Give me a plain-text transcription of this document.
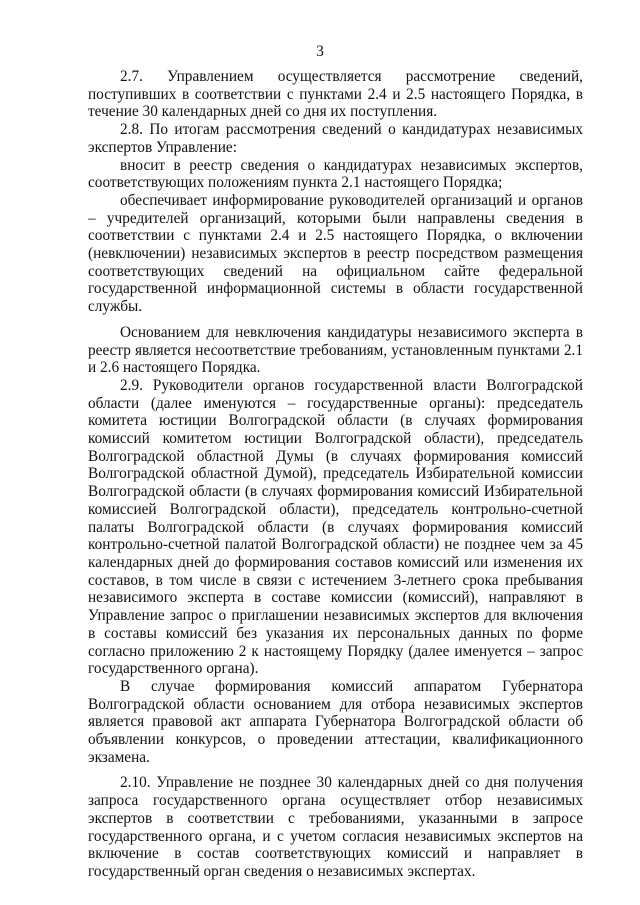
3

2.7. Управлением осуществляется рассмотрение сведений, поступивших в соответствии с пунктами 2.4 и 2.5 настоящего Порядка, в течение 30 календарных дней со дня их поступления.

2.8. По итогам рассмотрения сведений о кандидатурах независимых экспертов Управление:

вносит в реестр сведения о кандидатурах независимых экспертов, соответствующих положениям пункта 2.1 настоящего Порядка;

обеспечивает информирование руководителей организаций и органов – учредителей организаций, которыми были направлены сведения в соответствии с пунктами 2.4 и 2.5 настоящего Порядка, о включении (невключении) независимых экспертов в реестр посредством размещения соответствующих сведений на официальном сайте федеральной государственной информационной системы в области государственной службы.

Основанием для невключения кандидатуры независимого эксперта в реестр является несоответствие требованиям, установленным пунктами 2.1 и 2.6 настоящего Порядка.

2.9. Руководители органов государственной власти Волгоградской области (далее именуются – государственные органы): председатель комитета юстиции Волгоградской области (в случаях формирования комиссий комитетом юстиции Волгоградской области), председатель Волгоградской областной Думы (в случаях формирования комиссий Волгоградской областной Думой), председатель Избирательной комиссии Волгоградской области (в случаях формирования комиссий Избирательной комиссией Волгоградской области), председатель контрольно-счетной палаты Волгоградской области (в случаях формирования комиссий контрольно-счетной палатой Волгоградской области) не позднее чем за 45 календарных дней до формирования составов комиссий или изменения их составов, в том числе в связи с истечением 3-летнего срока пребывания независимого эксперта в составе комиссии (комиссий), направляют в Управление запрос о приглашении независимых экспертов для включения в составы комиссий без указания их персональных данных по форме согласно приложению 2 к настоящему Порядку (далее именуется – запрос государственного органа).

В случае формирования комиссий аппаратом Губернатора Волгоградской области основанием для отбора независимых экспертов является правовой акт аппарата Губернатора Волгоградской области об объявлении конкурсов, о проведении аттестации, квалификационного экзамена.

2.10. Управление не позднее 30 календарных дней со дня получения запроса государственного органа осуществляет отбор независимых экспертов в соответствии с требованиями, указанными в запросе государственного органа, и с учетом согласия независимых экспертов на включение в состав соответствующих комиссий и направляет в государственный орган сведения о независимых экспертах.
